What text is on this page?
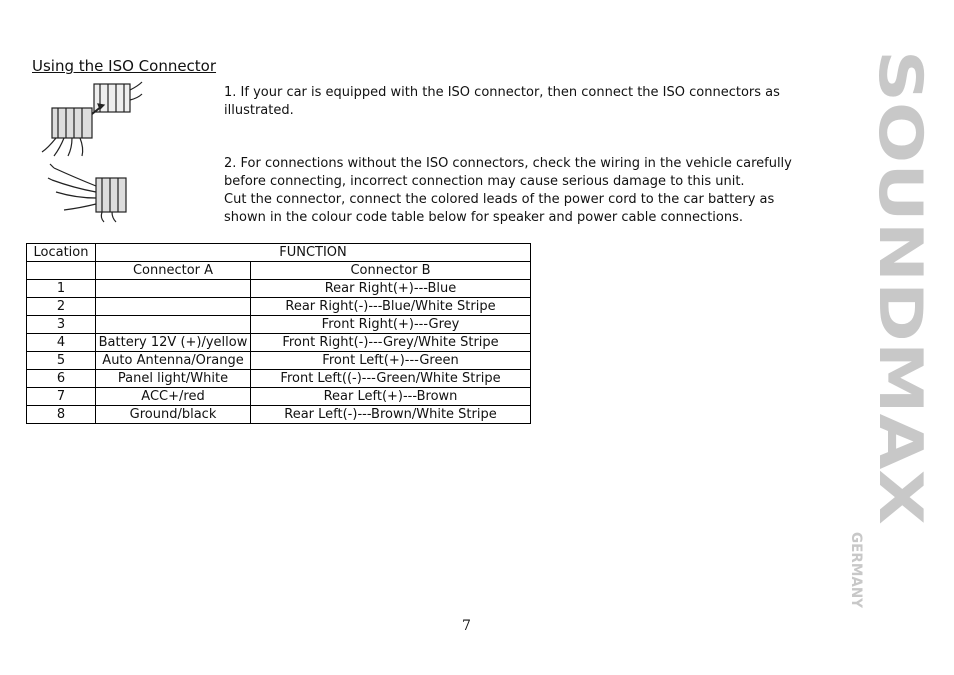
Using the ISO Connector
1. If your car is equipped with the ISO connector, then connect the ISO connectors as illustrated.
2. For connections without the ISO connectors, check the wiring in the vehicle carefully before connecting, incorrect connection may cause serious damage to this unit.
Cut the connector, connect the colored leads of the power cord to the car battery as shown in the colour code table below for speaker and power cable connections.
Location	FUNCTION	
	Connector A	Connector B
1		Rear Right(+)---Blue
2		Rear Right(-)---Blue/White Stripe
3		Front Right(+)---Grey
4	Battery 12V (+)/yellow	Front Right(-)---Grey/White Stripe
5	Auto Antenna/Orange	Front Left(+)---Green
6	Panel light/White	Front Left((-)---Green/White Stripe
7	ACC+/red	Rear Left(+)---Brown
8	Ground/black	Rear Left(-)---Brown/White Stripe	SOUNDMAX
GERMANY
7
